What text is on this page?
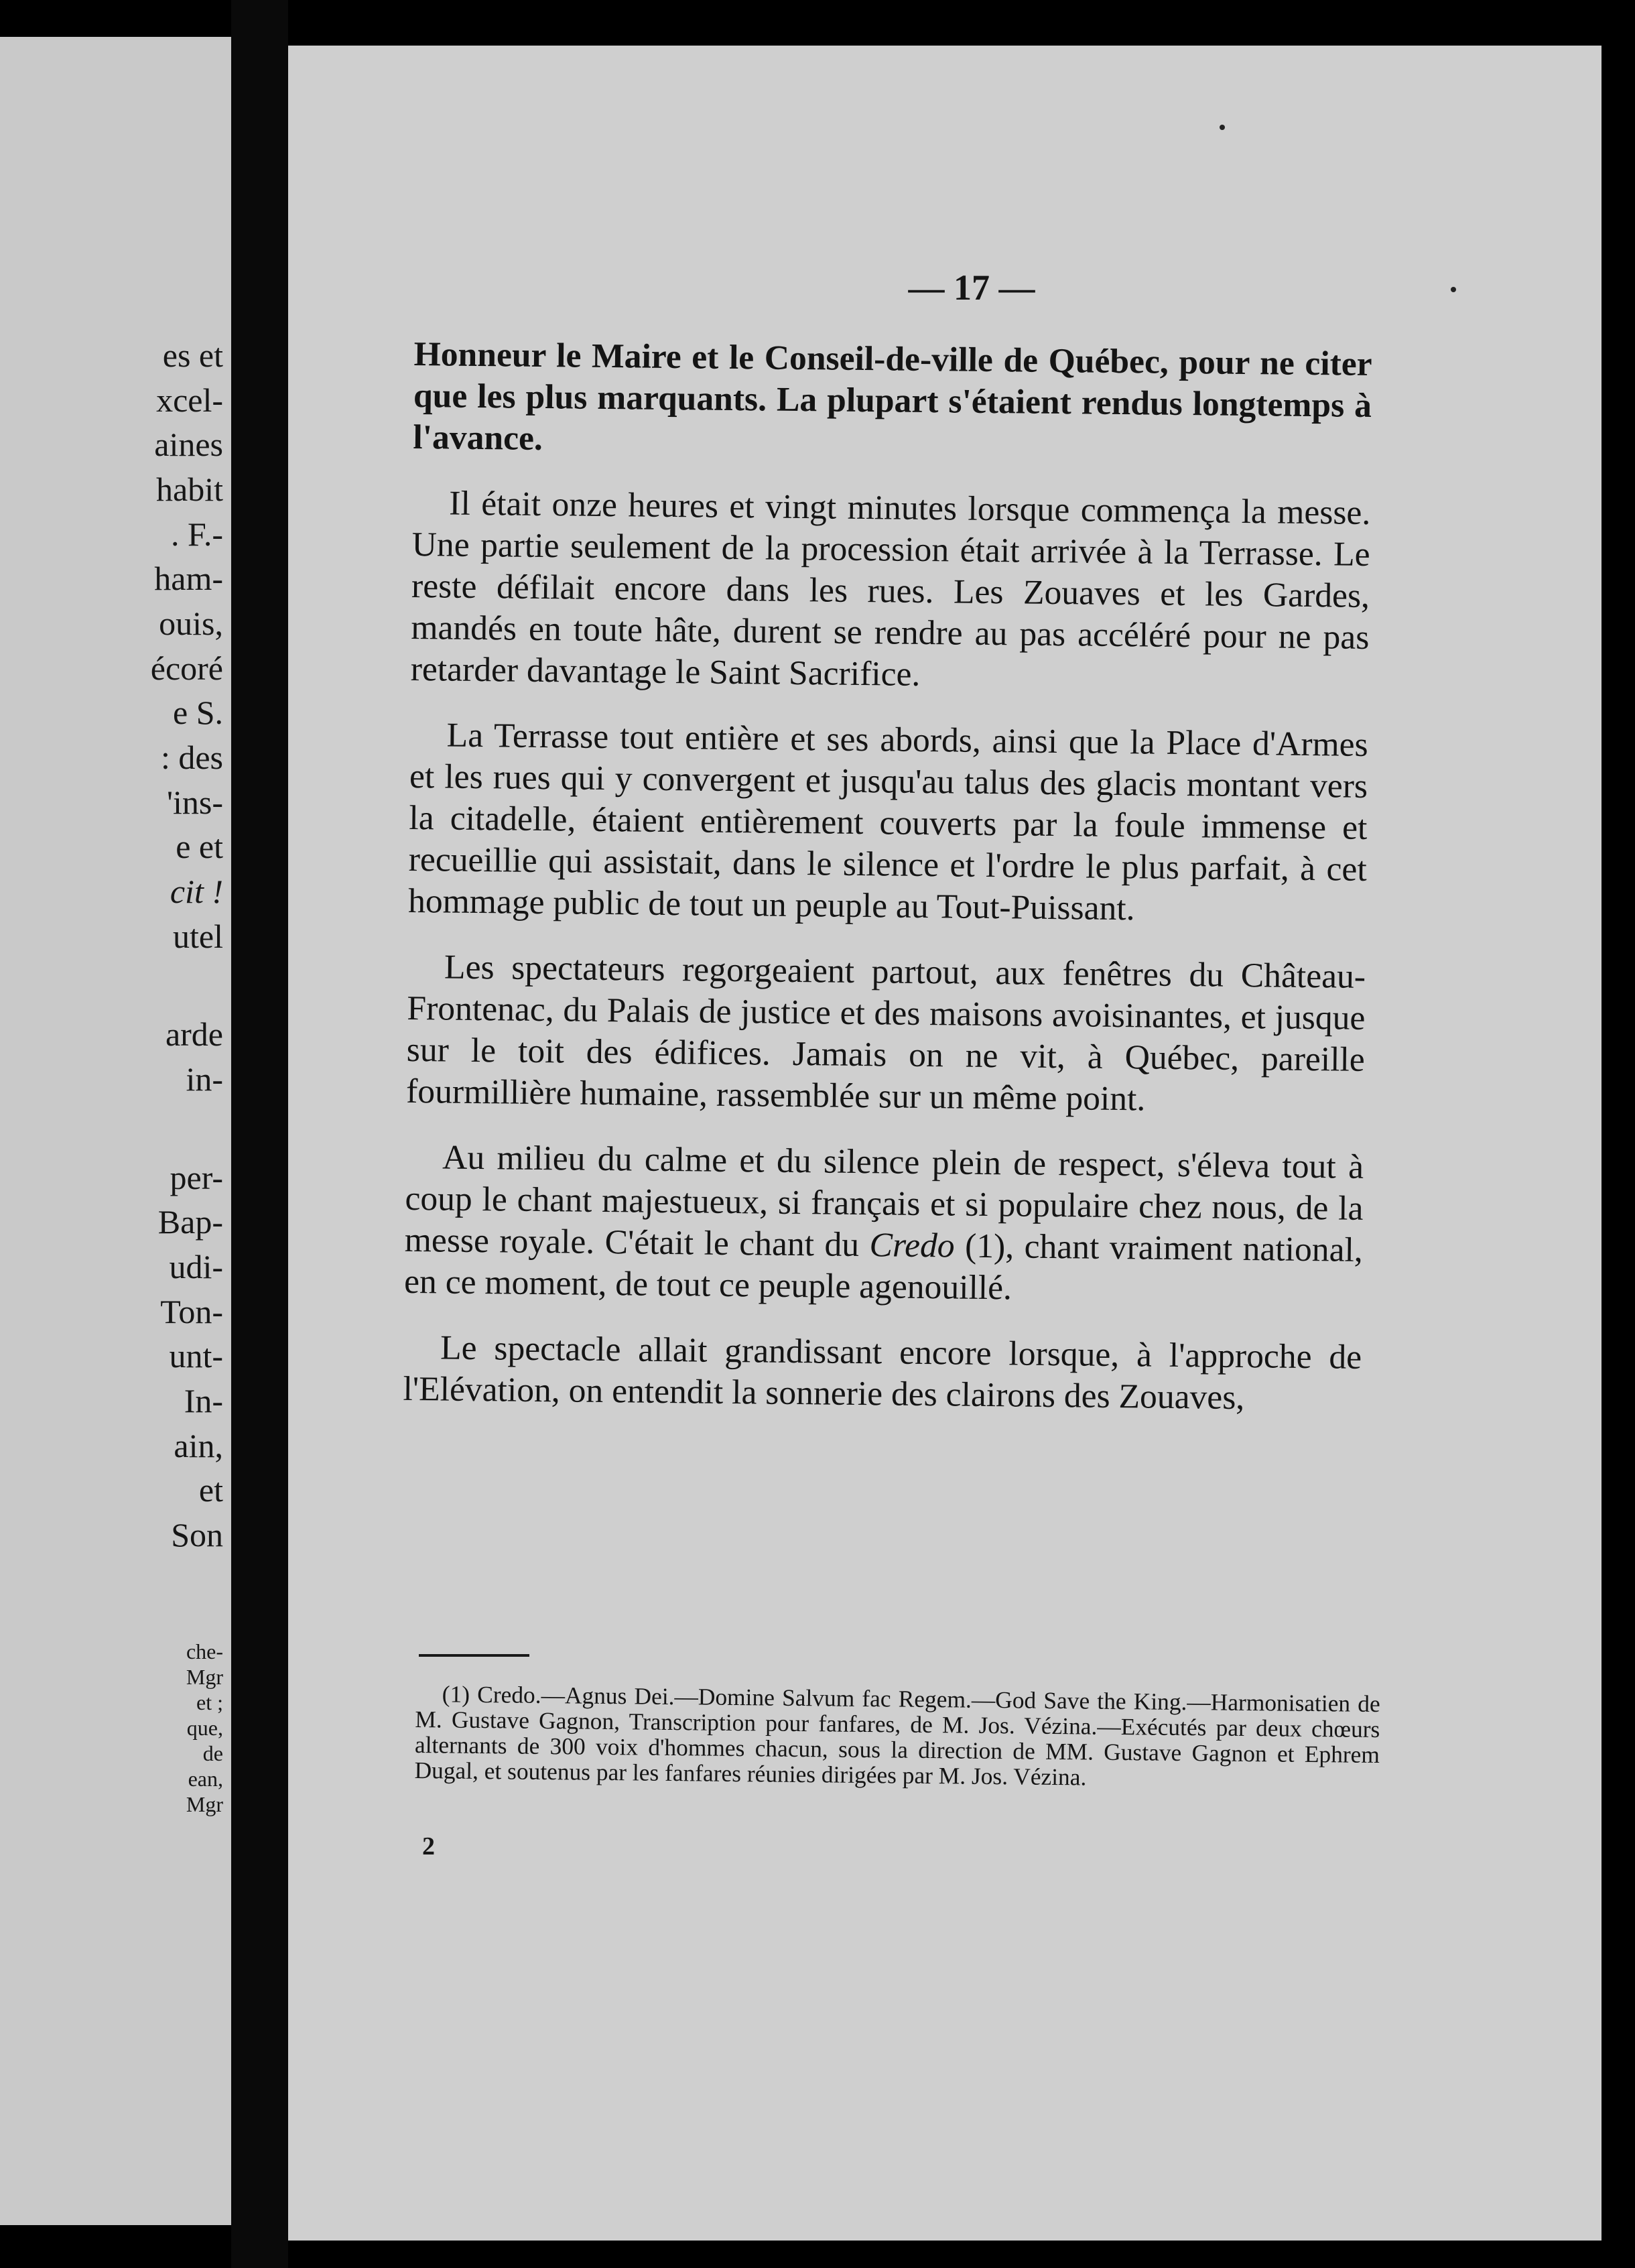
es et
xcel-
aines
habit
. F.-
ham-
ouis,
écoré
e S.
: des
'ins-
e et
cit !
utel
arde
in-
per-
Bap-
udi-
Ton-
unt-
In-
ain,
et
Son
che-
Mgr
et ;
que,
de
ean,
Mgr
— 17 —

Honneur le Maire et le Conseil-de-ville de Québec, pour ne citer que les plus marquants. La plupart s'étaient rendus longtemps à l'avance.

Il était onze heures et vingt minutes lorsque commença la messe. Une partie seulement de la procession était arrivée à la Terrasse. Le reste défilait encore dans les rues. Les Zouaves et les Gardes, mandés en toute hâte, durent se rendre au pas accéléré pour ne pas retarder davantage le Saint Sacrifice.

La Terrasse tout entière et ses abords, ainsi que la Place d'Armes et les rues qui y convergent et jusqu'au talus des glacis montant vers la citadelle, étaient entièrement couverts par la foule immense et recueillie qui assistait, dans le silence et l'ordre le plus parfait, à cet hommage public de tout un peuple au Tout-Puissant.

Les spectateurs regorgeaient partout, aux fenêtres du Château-Frontenac, du Palais de justice et des maisons avoisinantes, et jusque sur le toit des édifices. Jamais on ne vit, à Québec, pareille fourmillière humaine, rassemblée sur un même point.

Au milieu du calme et du silence plein de respect, s'éleva tout à coup le chant majestueux, si français et si populaire chez nous, de la messe royale. C'était le chant du Credo (1), chant vraiment national, en ce moment, de tout ce peuple agenouillé.

Le spectacle allait grandissant encore lorsque, à l'approche de l'Elévation, on entendit la sonnerie des clairons des Zouaves,

(1) Credo.—Agnus Dei.—Domine Salvum fac Regem.—God Save the King.—Harmonisatien de M. Gustave Gagnon, Transcription pour fanfares, de M. Jos. Vézina.—Exécutés par deux chœurs alternants de 300 voix d'hommes chacun, sous la direction de MM. Gustave Gagnon et Ephrem Dugal, et soutenus par les fanfares réunies dirigées par M. Jos. Vézina.

2
